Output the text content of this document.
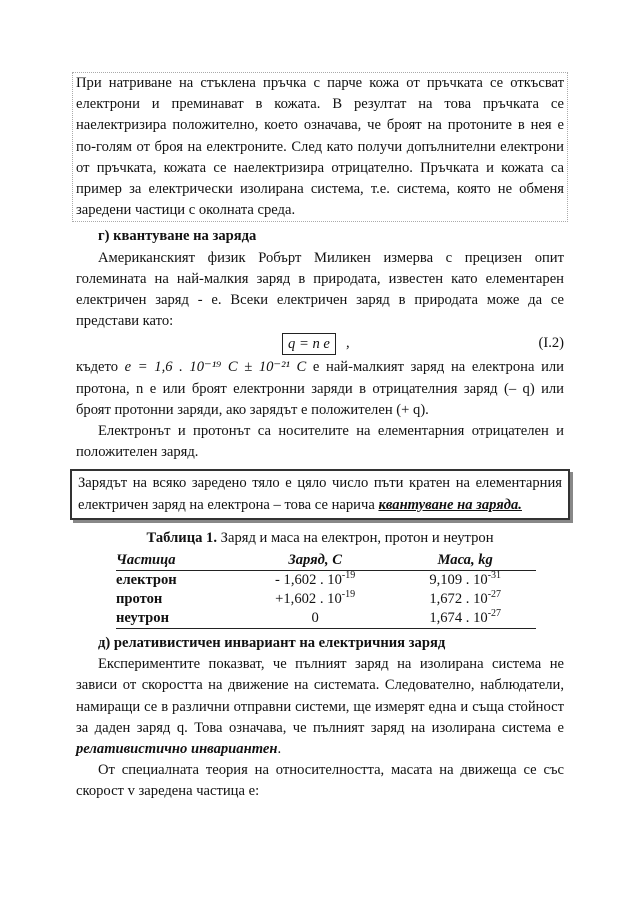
При натриване на стъклена пръчка с парче кожа от пръчката се откъсват електрони и преминават в кожата. В резултат на това пръчката се наелектризира положително, което означава, че броят на протоните в нея е по-голям от броя на електроните. След като получи допълнителни електрони от пръчката, кожата се наелектризира отрицателно. Пръчката и кожата са пример за електрически изолирана система, т.е. система, която не обменя заредени частици с околната среда.

г) квантуване на заряда

Американският физик Робърт Миликен измерва с прецизен опит големината на най-малкия заряд в природата, известен като елементарен електричен заряд - е. Всеки електричен заряд в природата може да се представи като:

q = n e	,	(I.2)

където e = 1,6 . 10⁻¹⁹ C ± 10⁻²¹ C е най-малкият заряд на електрона или протона, n е или броят електронни заряди в отрицателния заряд (– q) или броят протонни заряди, ако зарядът е положителен (+ q).

Електронът и протонът са носителите на елементарния отрицателен и положителен заряд.

Зарядът на всяко заредено тяло е цяло число пъти кратен на елементарния електричен заряд на електрона – това се нарича квантуване на заряда.

Таблица 1. Заряд и маса на електрон, протон и неутрон

Частица	Заряд, С	Маса, kg
електрон	- 1,602 . $10^{-19}$	9,109 . $10^{-31}$
протон	+1,602 . $10^{-19}$	1,672 . $10^{-27}$
неутрон	0	1,674 . $10^{-27}$

д) релативистичен инвариант на електричния заряд

Експериментите показват, че пълният заряд на изолирана система не зависи от скоростта на движение на системата. Следователно, наблюдатели, намиращи се в различни отправни системи, ще измерят една и съща стойност за даден заряд q. Това означава, че пълният заряд на изолирана система е релативистично инвариантен.

От специалната теория на относителността, масата на движеща се със скорост v заредена частица е:
